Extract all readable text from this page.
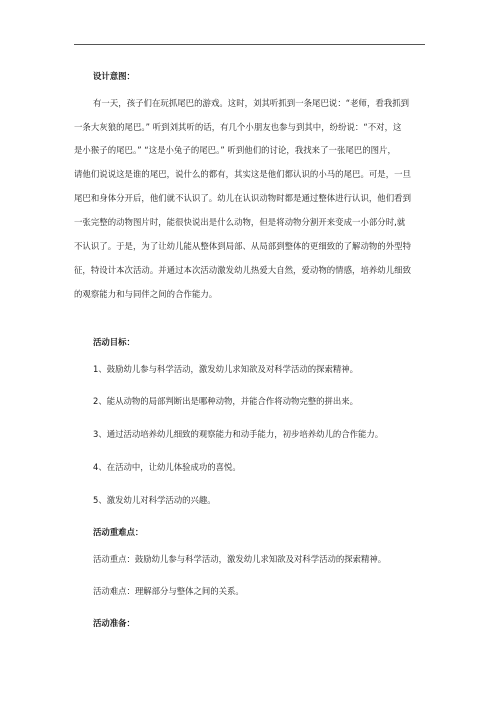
设计意图：
有一天，孩子们在玩抓尾巴的游戏。这时，刘其听抓到一条尾巴说：“老师，看我抓到
一条大灰狼的尾巴。” 听到刘其听的话，有几个小朋友也参与到其中，纷纷说：“不对，这
是小猴子的尾巴。” “这是小兔子的尾巴。” 听到他们的讨论，我找来了一张尾巴的图片，
请他们说说这是谁的尾巴，说什么的都有，其实这是他们都认识的小马的尾巴。可是，一旦
尾巴和身体分开后，他们就不认识了。幼儿在认识动物时都是通过整体进行认识，他们看到
一张完整的动物图片时，能很快说出是什么动物，但是将动物分割开来变成一小部分时,就
不认识了。于是，为了让幼儿能从整体到局部、从局部到整体的更细致的了解动物的外型特
征，特设计本次活动。并通过本次活动激发幼儿热爱大自然，爱动物的情感，培养幼儿细致
的观察能力和与同伴之间的合作能力。
活动目标：
1、鼓励幼儿参与科学活动，激发幼儿求知欲及对科学活动的探索精神。
2、能从动物的局部判断出是哪种动物，并能合作将动物完整的拼出来。
3、通过活动培养幼儿细致的观察能力和动手能力，初步培养幼儿的合作能力。
4、在活动中，让幼儿体验成功的喜悦。
5、激发幼儿对科学活动的兴趣。
活动重难点：
活动重点：鼓励幼儿参与科学活动，激发幼儿求知欲及对科学活动的探索精神。
活动难点：理解部分与整体之间的关系。
活动准备：
